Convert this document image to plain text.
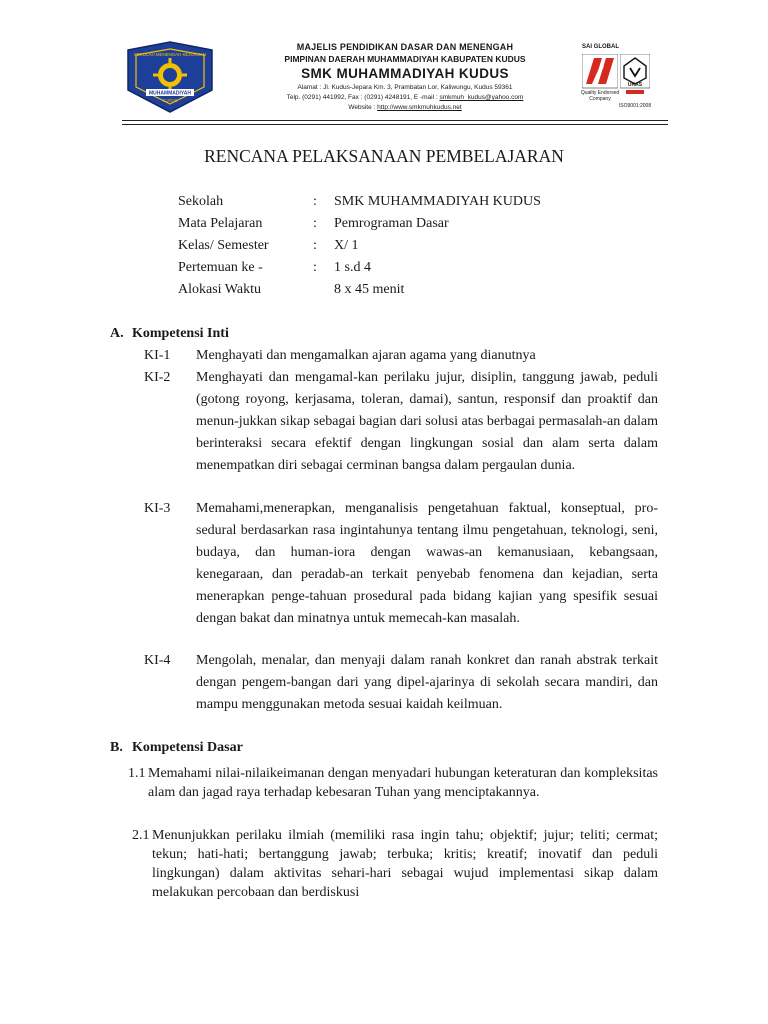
SEKOLAH MENENGAH KEJURUAN
MUHAMMADIYAH
KUDUS
MAJELIS PENDIDIKAN DASAR DAN MENENGAH
PIMPINAN DAERAH MUHAMMADIYAH KABUPATEN KUDUS
SMK MUHAMMADIYAH KUDUS
Alamat : Jl. Kudus-Jepara Km. 3, Prambatan Lor, Kaliwungu, Kudus 59361
Telp. (0291) 441992, Fax : (0291) 4248191, E -mail : smkmuh_kudus@yahoo.com
Website : http://www.smkmuhkudus.net
SAI GLOBAL
Quality Endorsed Company
UKAS
ISO9001:2008
RENCANA PELAKSANAAN PEMBELAJARAN
Sekolah	: SMK MUHAMMADIYAH KUDUS
Mata Pelajaran	: Pemrograman Dasar
Kelas/ Semester	: X/ 1
Pertemuan ke -	: 1 s.d 4
Alokasi Waktu	8 x 45 menit
A. Kompetensi Inti
KI-1 Menghayati dan mengamalkan ajaran agama yang dianutnya
KI-2 Menghayati dan mengamal-kan perilaku jujur, disiplin, tanggung jawab, peduli (gotong royong, kerjasama, toleran, damai), santun, responsif dan proaktif dan menun-jukkan sikap sebagai bagian dari solusi atas berbagai permasalah-an dalam berinteraksi secara efektif dengan lingkungan sosial dan alam serta dalam menempatkan diri sebagai cerminan bangsa dalam pergaulan dunia.
KI-3 Memahami,menerapkan, menganalisis pengetahuan faktual, konseptual, pro-sedural berdasarkan rasa ingintahunya tentang ilmu pengetahuan, teknologi, seni, budaya, dan human-iora dengan wawas-an kemanusiaan, kebangsaan, kenegaraan, dan peradab-an terkait penyebab fenomena dan kejadian, serta menerapkan penge-tahuan prosedural pada bidang kajian yang spesifik sesuai dengan bakat dan minatnya untuk memecah-kan masalah.
KI-4 Mengolah, menalar, dan menyaji dalam ranah konkret dan ranah abstrak terkait dengan pengem-bangan dari yang dipel-ajarinya di sekolah secara mandiri, dan mampu menggunakan metoda sesuai kaidah keilmuan.
B. Kompetensi Dasar
1.1 Memahami nilai-nilaikeimanan dengan menyadari hubungan keteraturan dan kompleksitas alam dan jagad raya terhadap kebesaran Tuhan yang menciptakannya.
2.1 Menunjukkan perilaku ilmiah (memiliki rasa ingin tahu; objektif; jujur; teliti; cermat; tekun; hati-hati; bertanggung jawab; terbuka; kritis; kreatif; inovatif dan peduli lingkungan) dalam aktivitas sehari-hari sebagai wujud implementasi sikap dalam melakukan percobaan dan berdiskusi
